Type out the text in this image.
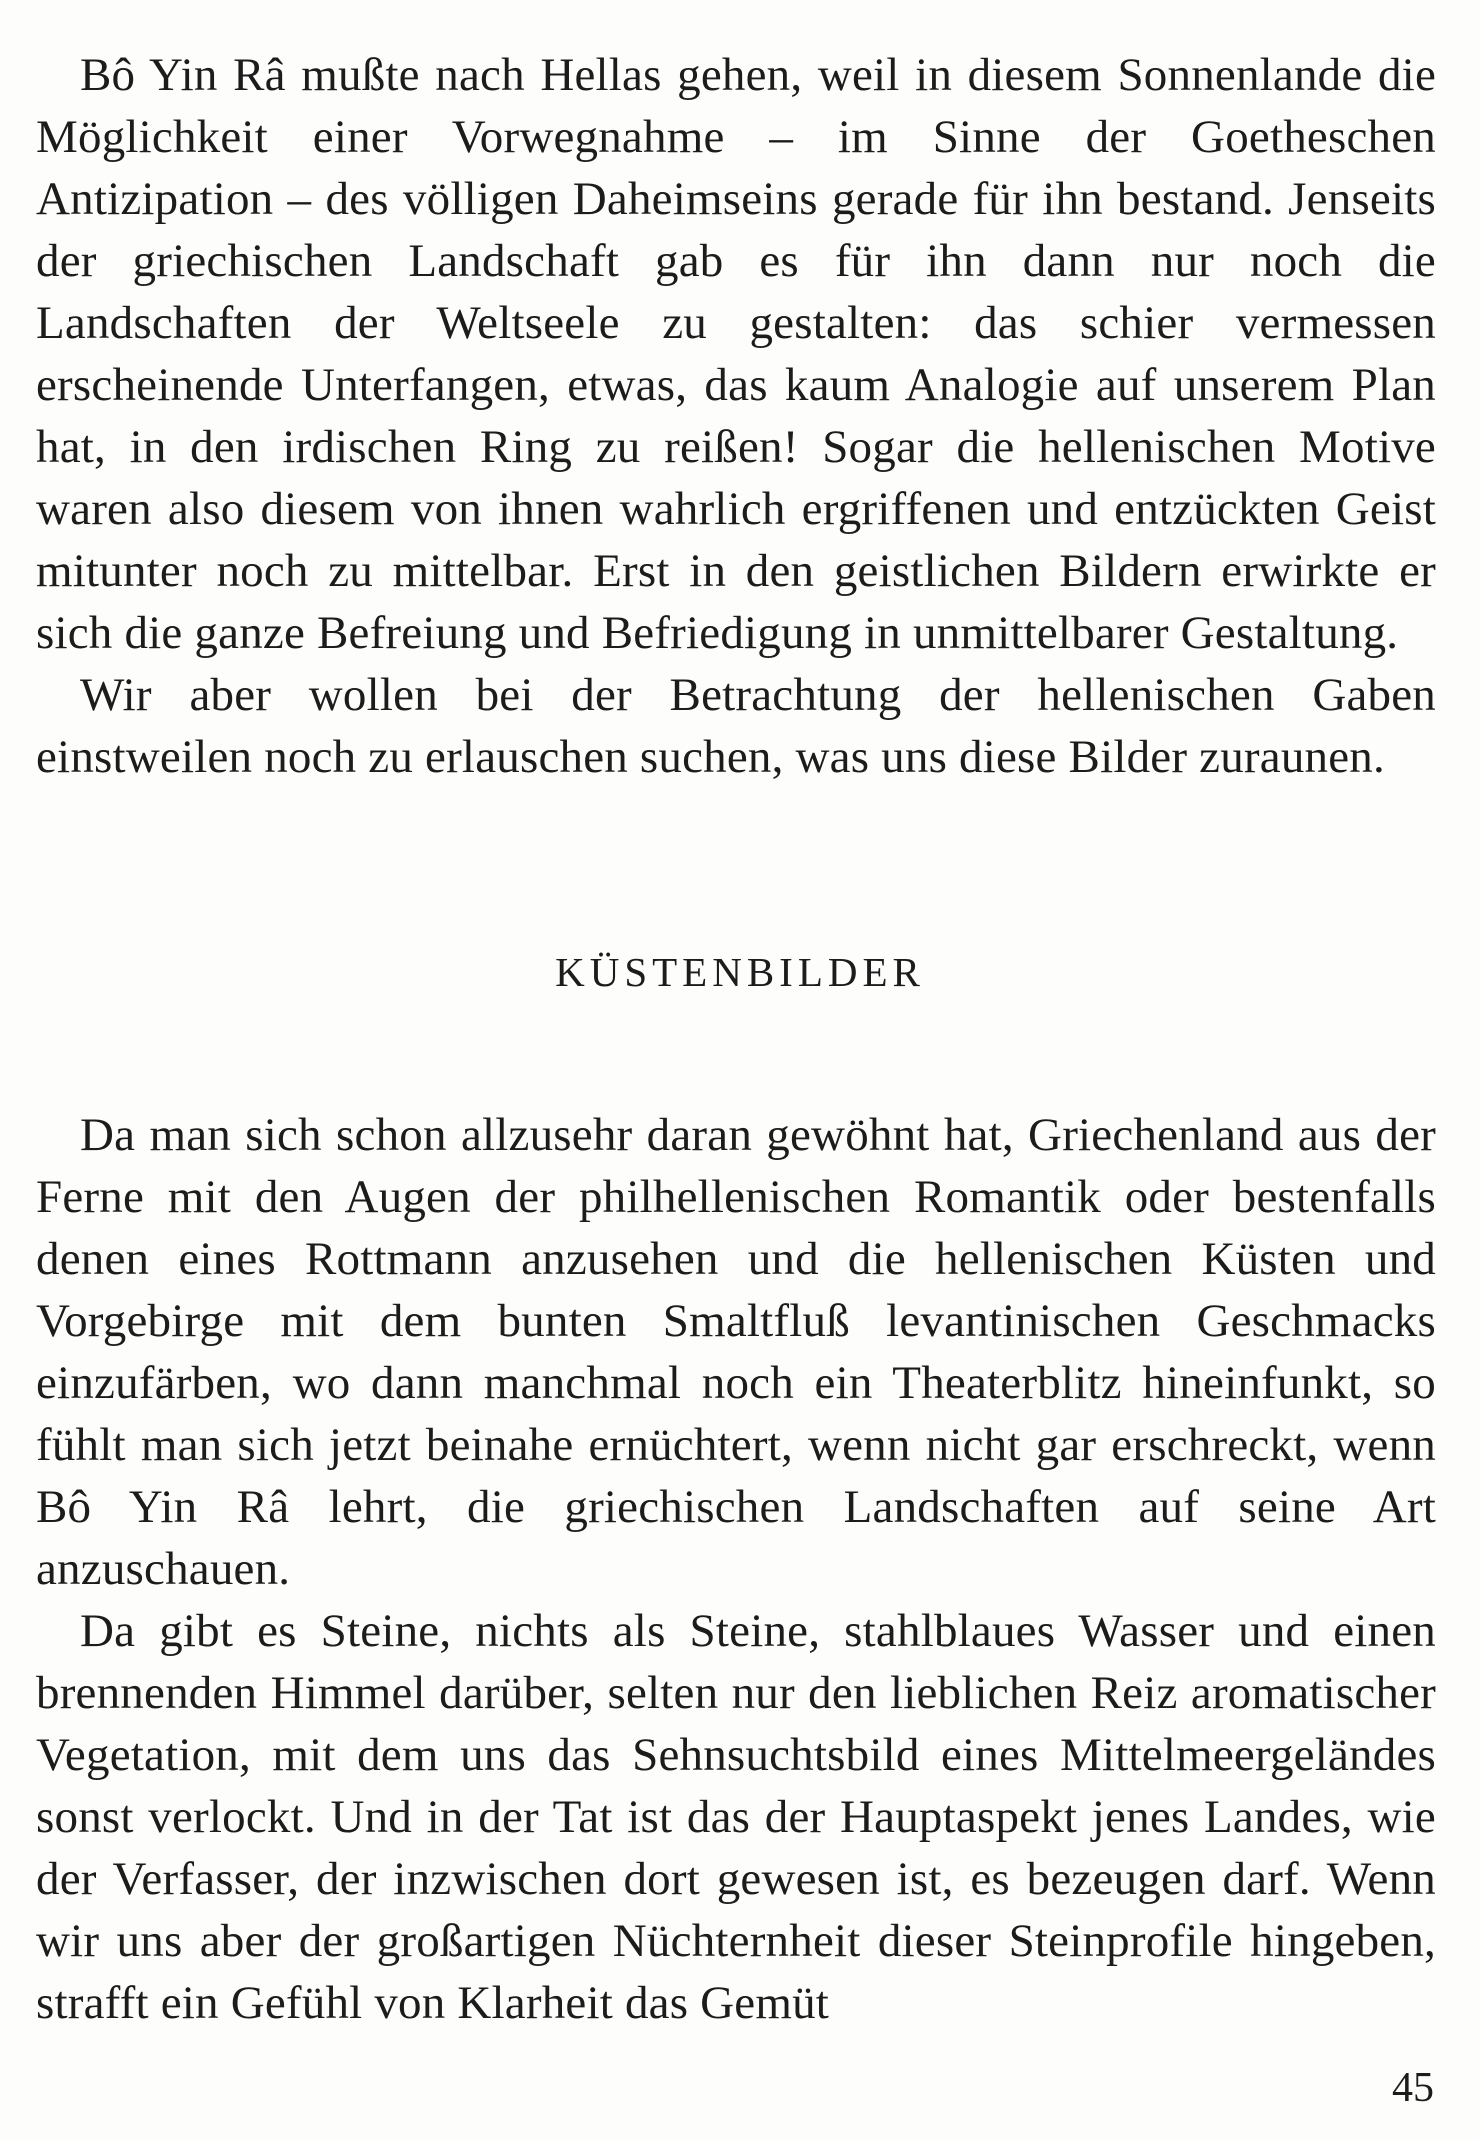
Bô Yin Râ mußte nach Hellas gehen, weil in diesem Sonnenlande die Möglichkeit einer Vorwegnahme – im Sinne der Goetheschen Antizipation – des völligen Daheimseins gerade für ihn bestand. Jenseits der griechischen Landschaft gab es für ihn dann nur noch die Landschaften der Weltseele zu gestalten: das schier vermessen erscheinende Unterfangen, etwas, das kaum Analogie auf unserem Plan hat, in den irdischen Ring zu reißen! Sogar die hellenischen Motive waren also diesem von ihnen wahrlich ergriffenen und entzückten Geist mitunter noch zu mittelbar. Erst in den geistlichen Bildern erwirkte er sich die ganze Befreiung und Befriedigung in unmittelbarer Gestaltung.

Wir aber wollen bei der Betrachtung der hellenischen Gaben einstweilen noch zu erlauschen suchen, was uns diese Bilder zuraunen.

KÜSTENBILDER

Da man sich schon allzusehr daran gewöhnt hat, Griechenland aus der Ferne mit den Augen der philhellenischen Romantik oder bestenfalls denen eines Rottmann anzusehen und die hellenischen Küsten und Vorgebirge mit dem bunten Smaltfluß levantinischen Geschmacks einzufärben, wo dann manchmal noch ein Theaterblitz hineinfunkt, so fühlt man sich jetzt beinahe ernüchtert, wenn nicht gar erschreckt, wenn Bô Yin Râ lehrt, die griechischen Landschaften auf seine Art anzuschauen.

Da gibt es Steine, nichts als Steine, stahlblaues Wasser und einen brennenden Himmel darüber, selten nur den lieblichen Reiz aromatischer Vegetation, mit dem uns das Sehnsuchtsbild eines Mittelmeergeländes sonst verlockt. Und in der Tat ist das der Hauptaspekt jenes Landes, wie der Verfasser, der inzwischen dort gewesen ist, es bezeugen darf. Wenn wir uns aber der großartigen Nüchternheit dieser Steinprofile hingeben, strafft ein Gefühl von Klarheit das Gemüt

45
